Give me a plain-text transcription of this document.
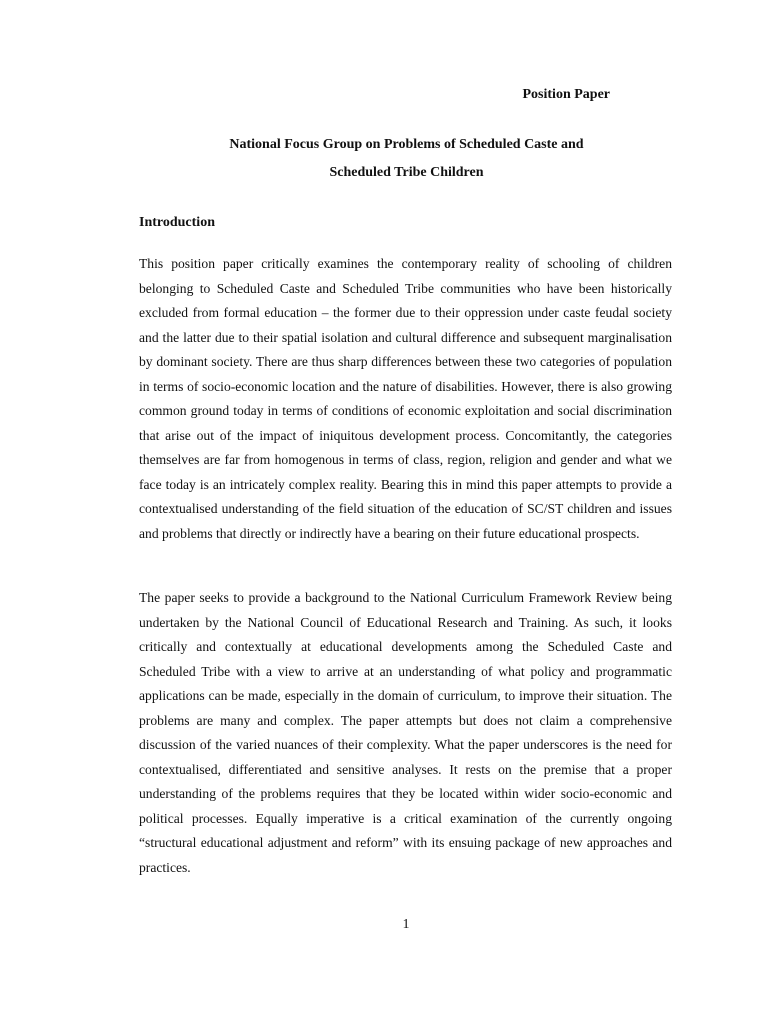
Position Paper
National Focus Group on Problems of Scheduled Caste and
Scheduled Tribe Children
Introduction

This position paper critically examines the contemporary reality of schooling of children belonging to Scheduled Caste and Scheduled Tribe communities who have been historically excluded from formal education – the former due to their oppression under caste feudal society and the latter due to their spatial isolation and cultural difference and subsequent marginalisation by dominant society. There are thus sharp differences between these two categories of population in terms of socio-economic location and the nature of disabilities. However, there is also growing common ground today in terms of conditions of economic exploitation and social discrimination that arise out of the impact of iniquitous development process. Concomitantly, the categories themselves are far from homogenous in terms of class, region, religion and gender and what we face today is an intricately complex reality. Bearing this in mind this paper attempts to provide a contextualised understanding of the field situation of the education of SC/ST children and issues and problems that directly or indirectly have a bearing on their future educational prospects.

The paper seeks to provide a background to the National Curriculum Framework Review being undertaken by the National Council of Educational Research and Training. As such, it looks critically and contextually at educational developments among the Scheduled Caste and Scheduled Tribe with a view to arrive at an understanding of what policy and programmatic applications can be made, especially in the domain of curriculum, to improve their situation. The problems are many and complex. The paper attempts but does not claim a comprehensive discussion of the varied nuances of their complexity. What the paper underscores is the need for contextualised, differentiated and sensitive analyses. It rests on the premise that a proper understanding of the problems requires that they be located within wider socio-economic and political processes. Equally imperative is a critical examination of the currently ongoing “structural educational adjustment and reform” with its ensuing package of new approaches and practices.

1
